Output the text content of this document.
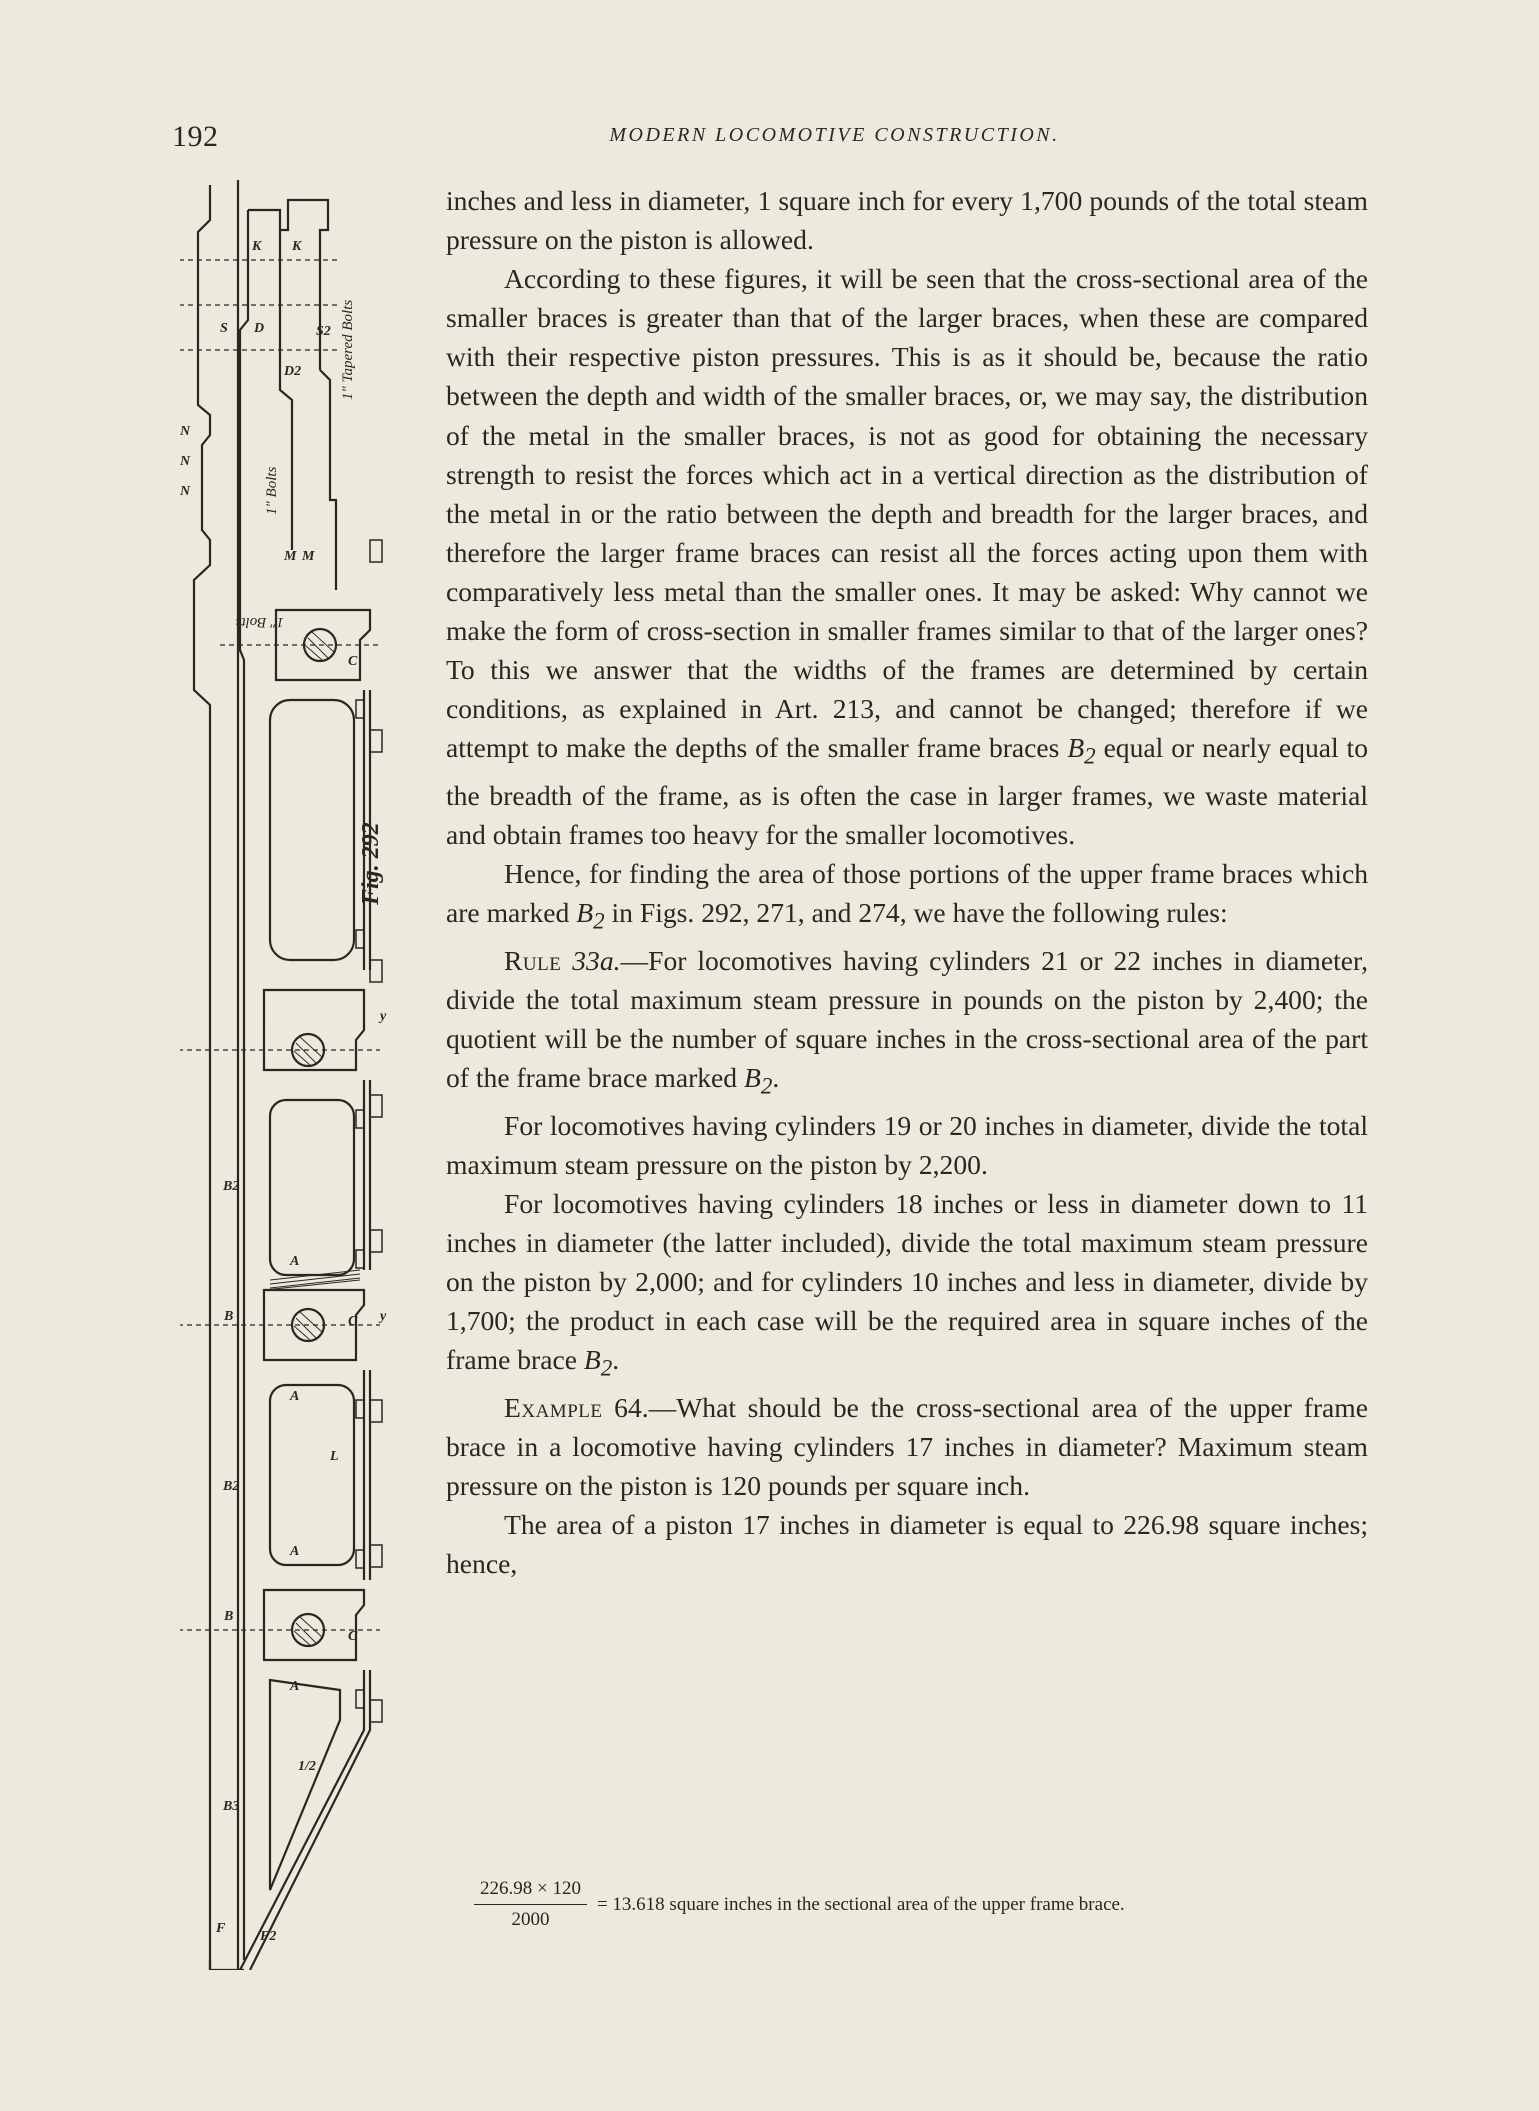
192	MODERN LOCOMOTIVE CONSTRUCTION.
K K
S D	S2
D2
N
N
N
M M
C
C
C
A
A
A
A
L
B2
B2
B3
B
B
F
F2
y
y
1/2
1" Tapered Bolts
1" Bolts
1" Bolts
Fig. 292

inches and less in diameter, 1 square inch for every 1,700 pounds of the total steam pressure on the piston is allowed.

According to these figures, it will be seen that the cross-sectional area of the smaller braces is greater than that of the larger braces, when these are compared with their respective piston pressures. This is as it should be, because the ratio between the depth and width of the smaller braces, or, we may say, the distribution of the metal in the smaller braces, is not as good for obtaining the necessary strength to resist the forces which act in a vertical direction as the distribution of the metal in or the ratio between the depth and breadth for the larger braces, and therefore the larger frame braces can resist all the forces acting upon them with comparatively less metal than the smaller ones. It may be asked: Why cannot we make the form of cross-section in smaller frames similar to that of the larger ones? To this we answer that the widths of the frames are determined by certain conditions, as explained in Art. 213, and cannot be changed; therefore if we attempt to make the depths of the smaller frame braces $B_2$ equal or nearly equal to the breadth of the frame, as is often the case in larger frames, we waste material and obtain frames too heavy for the smaller locomotives.

Hence, for finding the area of those portions of the upper frame braces which are marked $B_2$ in Figs. 292, 271, and 274, we have the following rules:

Rule 33a.—For locomotives having cylinders 21 or 22 inches in diameter, divide the total maximum steam pressure in pounds on the piston by 2,400; the quotient will be the number of square inches in the cross-sectional area of the part of the frame brace marked $B_2$.

For locomotives having cylinders 19 or 20 inches in diameter, divide the total maximum steam pressure on the piston by 2,200.

For locomotives having cylinders 18 inches or less in diameter down to 11 inches in diameter (the latter included), divide the total maximum steam pressure on the piston by 2,000; and for cylinders 10 inches and less in diameter, divide by 1,700; the product in each case will be the required area in square inches of the frame brace $B_2$.

Example 64.—What should be the cross-sectional area of the upper frame brace in a locomotive having cylinders 17 inches in diameter? Maximum steam pressure on the piston is 120 pounds per square inch.

The area of a piston 17 inches in diameter is equal to 226.98 square inches; hence,

$\frac{226.98 \times 120}{2000} = 13.618$ square inches in the sectional area of the upper frame brace.
